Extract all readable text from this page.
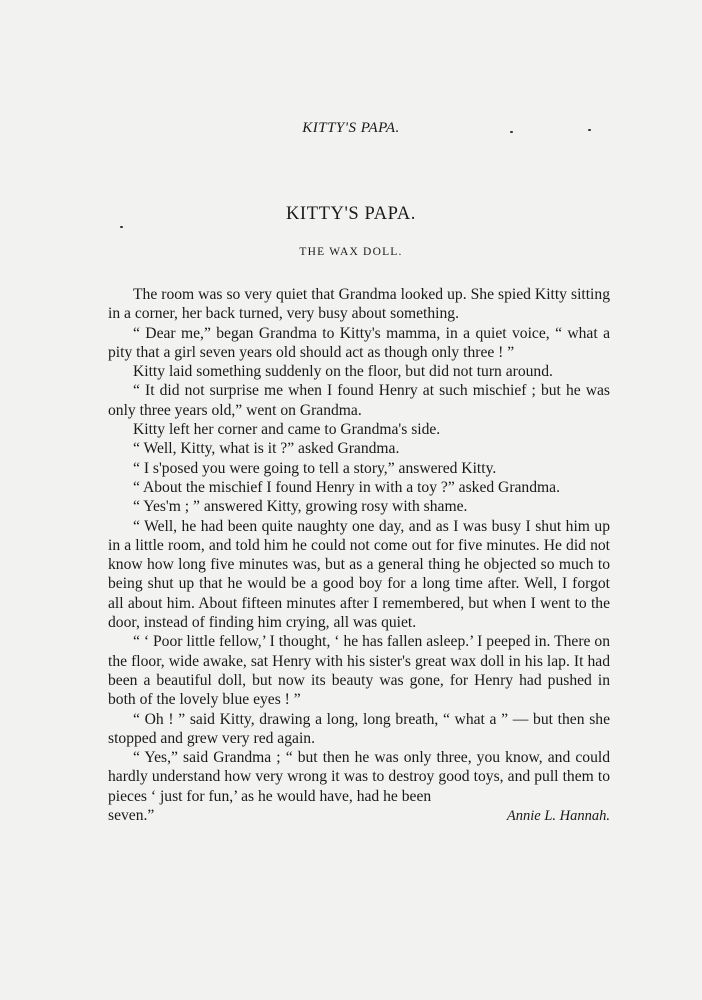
KITTY'S PAPA.
KITTY'S PAPA.
THE WAX DOLL.

The room was so very quiet that Grandma looked up. She spied Kitty sitting in a corner, her back turned, very busy about something.

“ Dear me,” began Grandma to Kitty's mamma, in a quiet voice, “ what a pity that a girl seven years old should act as though only three ! ”

Kitty laid something suddenly on the floor, but did not turn around.

“ It did not surprise me when I found Henry at such mischief ; but he was only three years old,” went on Grandma.

Kitty left her corner and came to Grandma's side.

“ Well, Kitty, what is it ?” asked Grandma.

“ I s'posed you were going to tell a story,” answered Kitty.

“ About the mischief I found Henry in with a toy ?” asked Grandma.

“ Yes'm ; ” answered Kitty, growing rosy with shame.

“ Well, he had been quite naughty one day, and as I was busy I shut him up in a little room, and told him he could not come out for five minutes. He did not know how long five minutes was, but as a general thing he objected so much to being shut up that he would be a good boy for a long time after. Well, I forgot all about him. About fifteen minutes after I remembered, but when I went to the door, instead of finding him crying, all was quiet.

“ ‘ Poor little fellow,’ I thought, ‘ he has fallen asleep.’ I peeped in. There on the floor, wide awake, sat Henry with his sister's great wax doll in his lap. It had been a beautiful doll, but now its beauty was gone, for Henry had pushed in both of the lovely blue eyes ! ”

“ Oh ! ” said Kitty, drawing a long, long breath, “ what a ” — but then she stopped and grew very red again.

“ Yes,” said Grandma ; “ but then he was only three, you know, and could hardly understand how very wrong it was to destroy good toys, and pull them to pieces ‘ just for fun,’ as he would have, had he been

seven.”	Annie L. Hannah.
